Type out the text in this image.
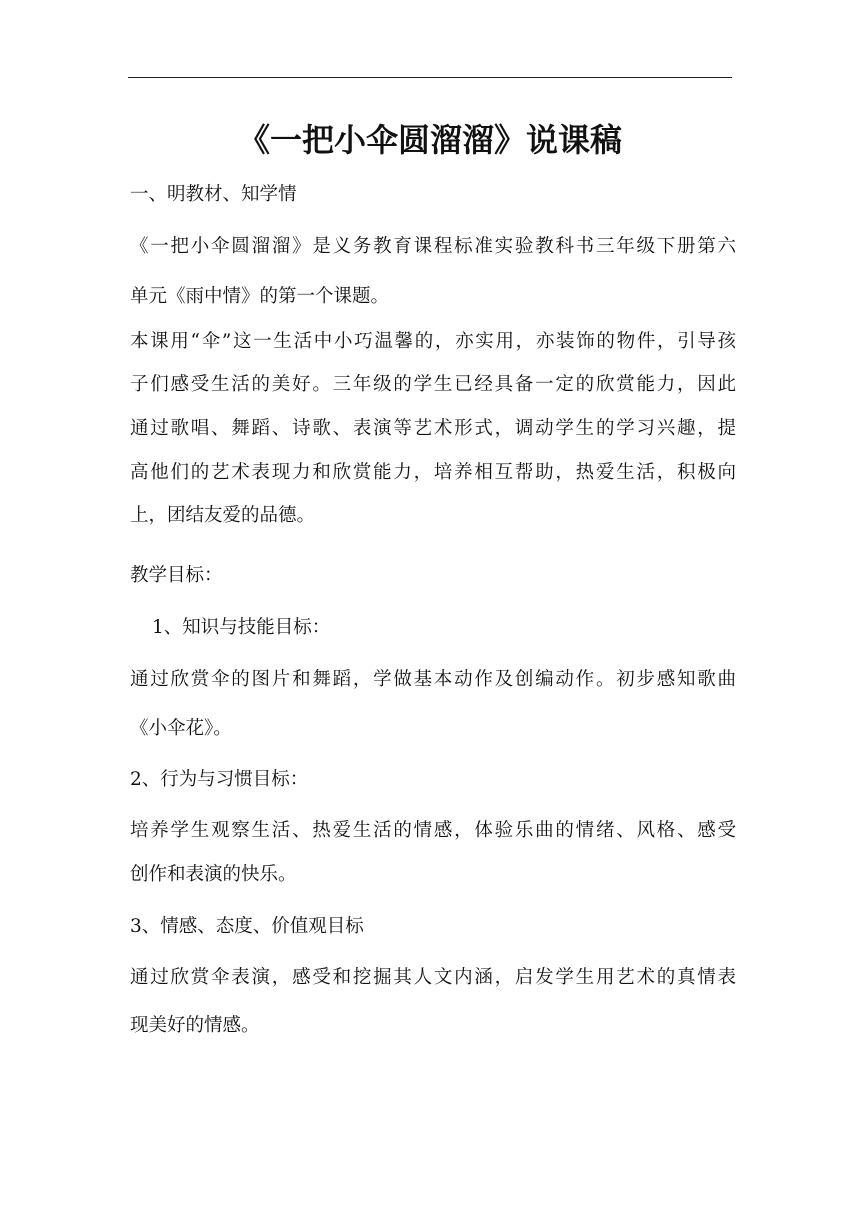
《一把小伞圆溜溜》说课稿

一、明教材、知学情

《一把小伞圆溜溜》是义务教育课程标准实验教科书三年级下册第六

单元《雨中情》的第一个课题。

本课用“伞”这一生活中小巧温馨的，亦实用，亦装饰的物件，引导孩

子们感受生活的美好。三年级的学生已经具备一定的欣赏能力，因此

通过歌唱、舞蹈、诗歌、表演等艺术形式，调动学生的学习兴趣，提

高他们的艺术表现力和欣赏能力，培养相互帮助，热爱生活，积极向

上，团结友爱的品德。

教学目标：

1、知识与技能目标：

通过欣赏伞的图片和舞蹈，学做基本动作及创编动作。初步感知歌曲

《小伞花》。

2、行为与习惯目标：

培养学生观察生活、热爱生活的情感，体验乐曲的情绪、风格、感受

创作和表演的快乐。

3、情感、态度、价值观目标

通过欣赏伞表演，感受和挖掘其人文内涵，启发学生用艺术的真情表

现美好的情感。
